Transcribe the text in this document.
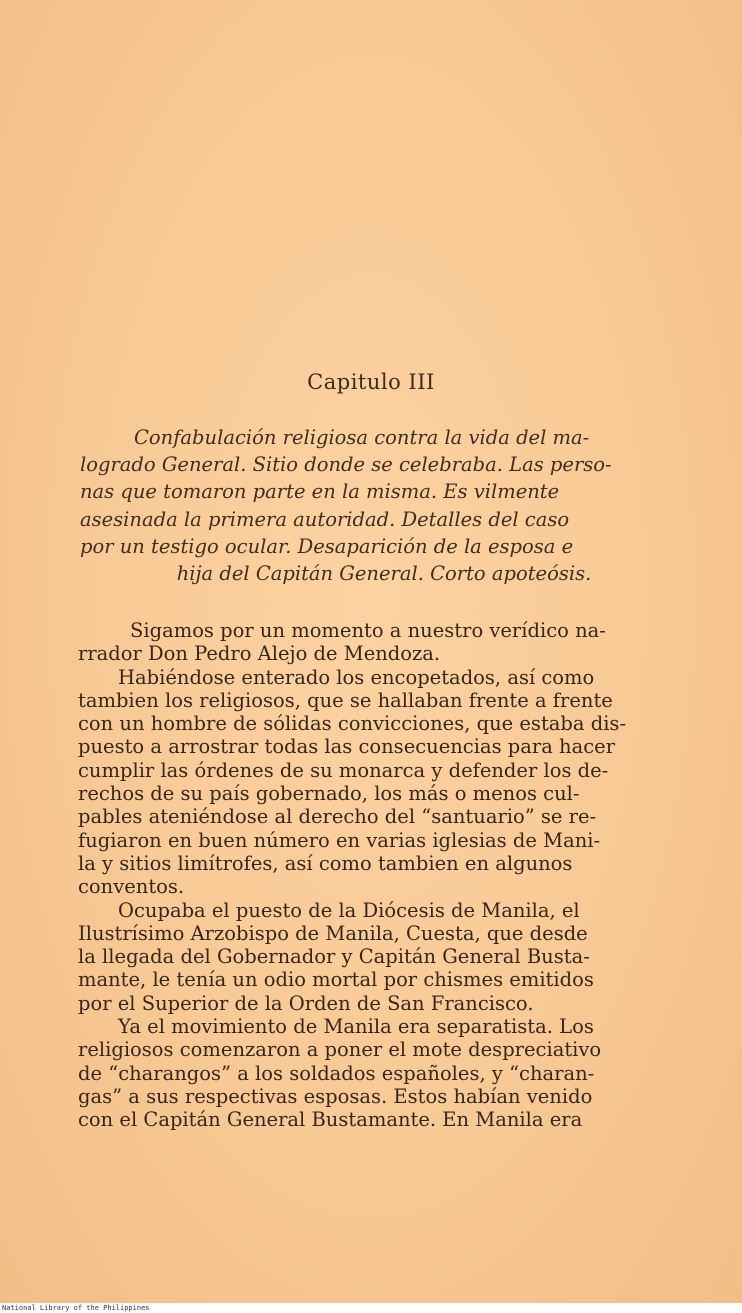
Capitulo III
Confabulación religiosa contra la vida del ma-
logrado General. Sitio donde se celebraba. Las perso-
nas que tomaron parte en la misma. Es vilmente
asesinada la primera autoridad. Detalles del caso
por un testigo ocular. Desaparición de la esposa e
hija del Capitán General. Corto apoteósis.
Sigamos por un momento a nuestro verídico na-
rrador Don Pedro Alejo de Mendoza.
Habiéndose enterado los encopetados, así como
tambien los religiosos, que se hallaban frente a frente
con un hombre de sólidas convicciones, que estaba dis-
puesto a arrostrar todas las consecuencias para hacer
cumplir las órdenes de su monarca y defender los de-
rechos de su país gobernado, los más o menos cul-
pables ateniéndose al derecho del “santuario” se re-
fugiaron en buen número en varias iglesias de Mani-
la y sitios limítrofes, así como tambien en algunos
conventos.
Ocupaba el puesto de la Diócesis de Manila, el
Ilustrísimo Arzobispo de Manila, Cuesta, que desde
la llegada del Gobernador y Capitán General Busta-
mante, le tenía un odio mortal por chismes emitidos
por el Superior de la Orden de San Francisco.
Ya el movimiento de Manila era separatista. Los
religiosos comenzaron a poner el mote despreciativo
de “charangos” a los soldados españoles, y “charan-
gas” a sus respectivas esposas. Estos habían venido
con el Capitán General Bustamante. En Manila era
National Library of the Philippines
